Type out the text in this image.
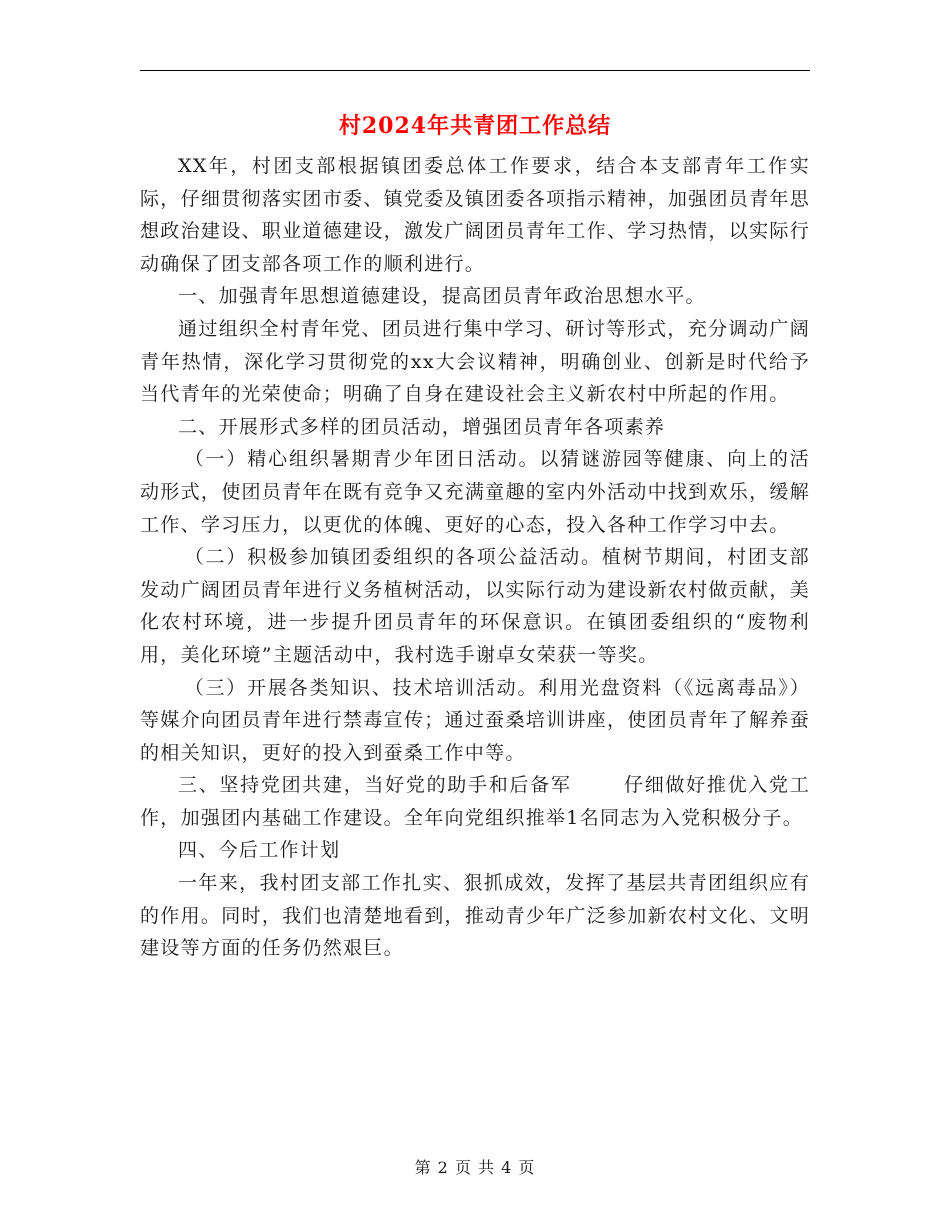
村2024年共青团工作总结

XX年，村团支部根据镇团委总体工作要求，结合本支部青年工作实际，仔细贯彻落实团市委、镇党委及镇团委各项指示精神，加强团员青年思想政治建设、职业道德建设，激发广阔团员青年工作、学习热情，以实际行动确保了团支部各项工作的顺利进行。

一、加强青年思想道德建设，提高团员青年政治思想水平。

通过组织全村青年党、团员进行集中学习、研讨等形式，充分调动广阔青年热情，深化学习贯彻党的xx大会议精神，明确创业、创新是时代给予当代青年的光荣使命；明确了自身在建设社会主义新农村中所起的作用。

二、开展形式多样的团员活动，增强团员青年各项素养

（一）精心组织暑期青少年团日活动。以猜谜游园等健康、向上的活动形式，使团员青年在既有竞争又充满童趣的室内外活动中找到欢乐，缓解工作、学习压力，以更优的体魄、更好的心态，投入各种工作学习中去。

（二）积极参加镇团委组织的各项公益活动。植树节期间，村团支部发动广阔团员青年进行义务植树活动，以实际行动为建设新农村做贡献，美化农村环境，进一步提升团员青年的环保意识。在镇团委组织的“废物利用，美化环境”主题活动中，我村选手谢卓女荣获一等奖。

（三）开展各类知识、技术培训活动。利用光盘资料（《远离毒品》）等媒介向团员青年进行禁毒宣传；通过蚕桑培训讲座，使团员青年了解养蚕的相关知识，更好的投入到蚕桑工作中等。

三、坚持党团共建，当好党的助手和后备军	仔细做好推优入党工作，加强团内基础工作建设。全年向党组织推举1名同志为入党积极分子。

四、今后工作计划

一年来，我村团支部工作扎实、狠抓成效，发挥了基层共青团组织应有的作用。同时，我们也清楚地看到，推动青少年广泛参加新农村文化、文明建设等方面的任务仍然艰巨。

第 2 页 共 4 页
